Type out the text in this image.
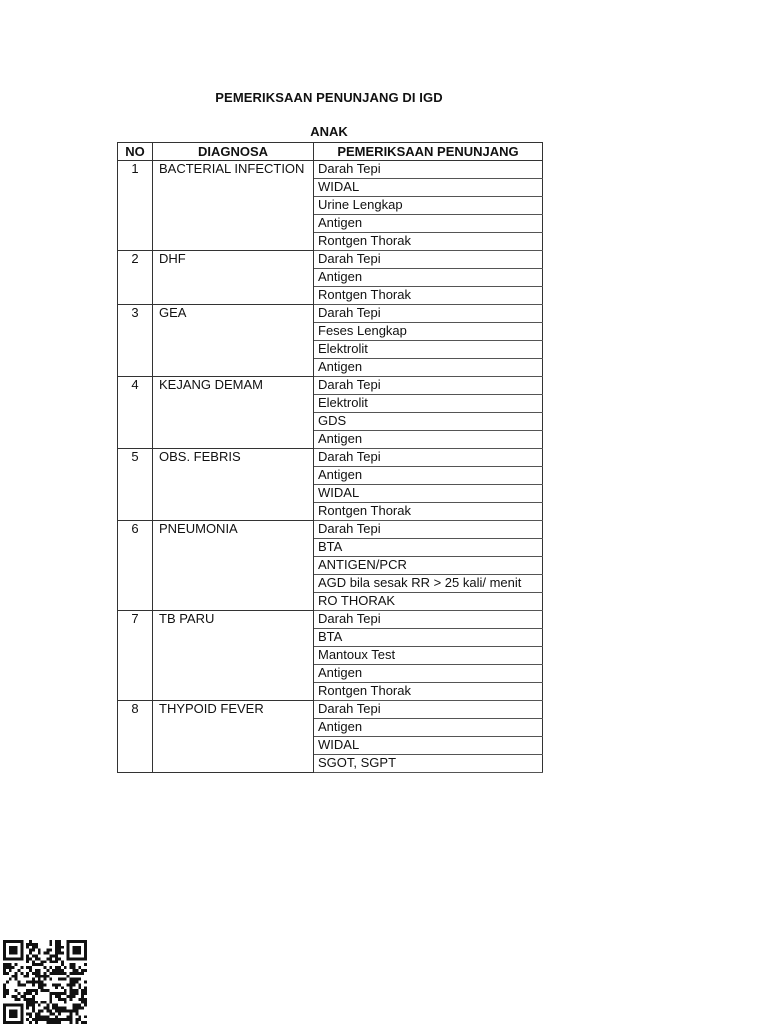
PEMERIKSAAN PENUNJANG DI IGD
ANAK
NO	DIAGNOSA	PEMERIKSAAN PENUNJANG
1	BACTERIAL INFECTION	Darah Tepi
		WIDAL
		Urine Lengkap
		Antigen
		Rontgen Thorak
2	DHF	Darah Tepi
		Antigen
		Rontgen Thorak
3	GEA	Darah Tepi
		Feses Lengkap
		Elektrolit
		Antigen
4	KEJANG DEMAM	Darah Tepi
		Elektrolit
		GDS
		Antigen
5	OBS. FEBRIS	Darah Tepi
		Antigen
		WIDAL
		Rontgen Thorak
6	PNEUMONIA	Darah Tepi
		BTA
		ANTIGEN/PCR
		AGD bila sesak RR > 25 kali/ menit
		RO THORAK
7	TB PARU	Darah Tepi
		BTA
		Mantoux Test
		Antigen
		Rontgen Thorak
8	THYPOID FEVER	Darah Tepi
		Antigen
		WIDAL
		SGOT, SGPT
